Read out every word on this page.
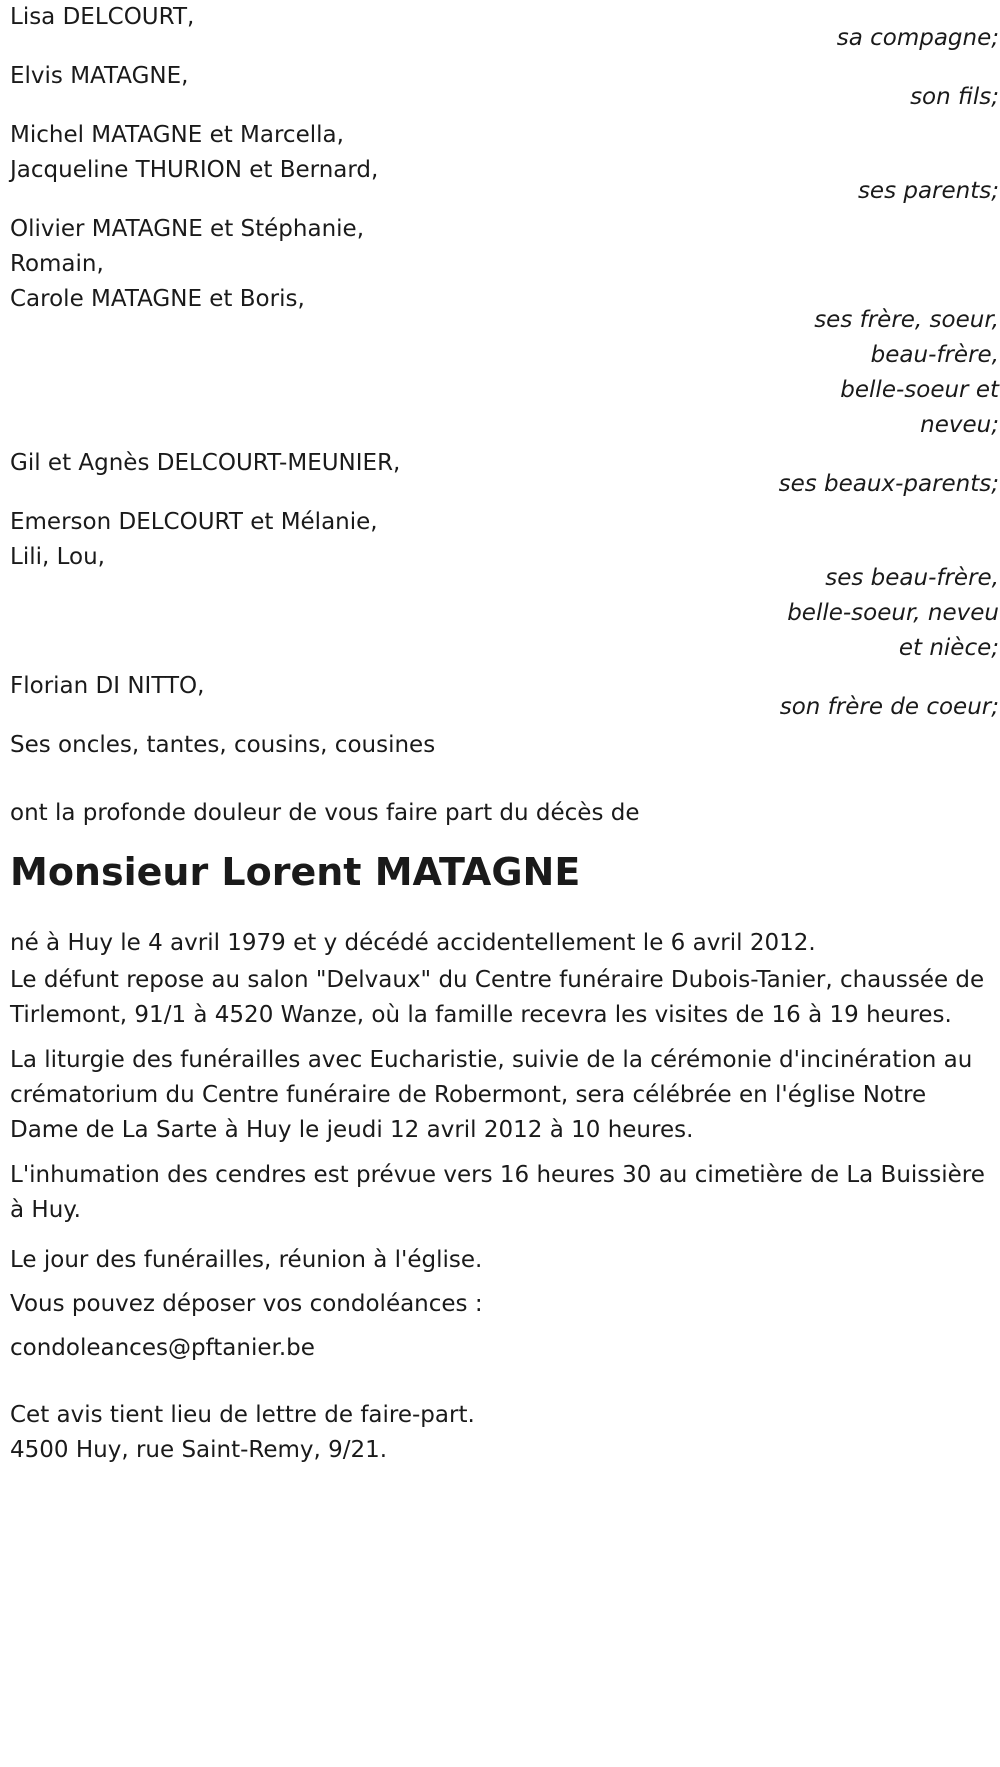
Lisa DELCOURT,
sa compagne;
Elvis MATAGNE,
son fils;
Michel MATAGNE et Marcella,
Jacqueline THURION et Bernard,
ses parents;
Olivier MATAGNE et Stéphanie,
Romain,
Carole MATAGNE et Boris,
ses frère, soeur,
beau-frère,
belle-soeur et
neveu;
Gil et Agnès DELCOURT-MEUNIER,
ses beaux-parents;
Emerson DELCOURT et Mélanie,
Lili, Lou,
ses beau-frère,
belle-soeur, neveu
et nièce;
Florian DI NITTO,
son frère de coeur;
Ses oncles, tantes, cousins, cousines
ont la profonde douleur de vous faire part du décès de
Monsieur Lorent MATAGNE
né à Huy le 4 avril 1979 et y décédé accidentellement le 6 avril 2012.
Le défunt repose au salon "Delvaux" du Centre funéraire Dubois-Tanier, chaussée de Tirlemont, 91/1 à 4520 Wanze, où la famille recevra les visites de 16 à 19 heures.
La liturgie des funérailles avec Eucharistie, suivie de la cérémonie d'incinération au crématorium du Centre funéraire de Robermont, sera célébrée en l'église Notre Dame de La Sarte à Huy le jeudi 12 avril 2012 à 10 heures.
L'inhumation des cendres est prévue vers 16 heures 30 au cimetière de La Buissière à Huy.
Le jour des funérailles, réunion à l'église.
Vous pouvez déposer vos condoléances :
condoleances@pftanier.be
Cet avis tient lieu de lettre de faire-part.
4500 Huy, rue Saint-Remy, 9/21.
